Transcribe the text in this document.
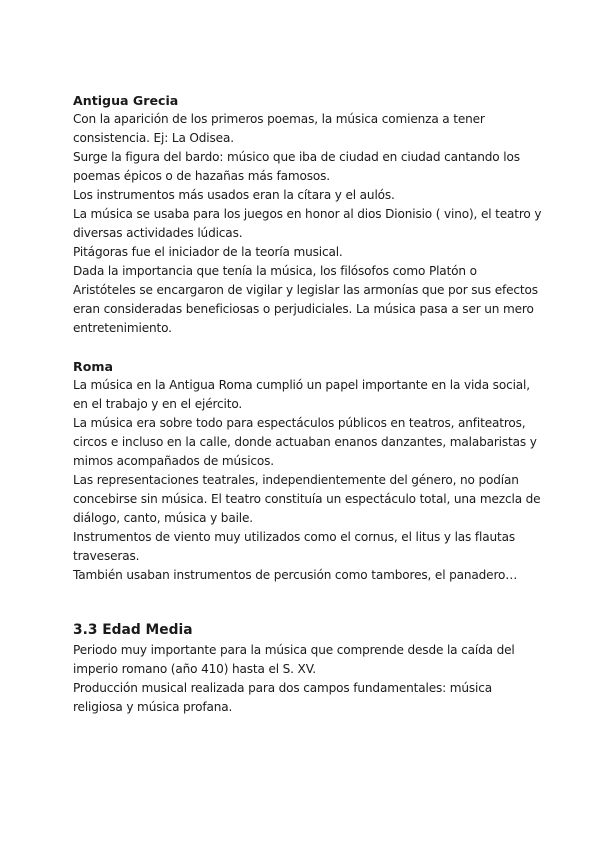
Antigua Grecia

Con la aparición de los primeros poemas, la música comienza a tener consistencia. Ej: La Odisea.

Surge la figura del bardo: músico que iba de ciudad en ciudad cantando los poemas épicos o de hazañas más famosos.

Los instrumentos más usados eran la cítara y el aulós.

La música se usaba para los juegos en honor al dios Dionisio ( vino), el teatro y diversas actividades lúdicas.

Pitágoras fue el iniciador de la teoría musical.

Dada la importancia que tenía la música, los filósofos como Platón o Aristóteles se encargaron de vigilar y legislar las armonías que por sus efectos eran consideradas beneficiosas o perjudiciales. La música pasa a ser un mero entretenimiento.

Roma

La música en la Antigua Roma cumplió un papel importante en la vida social, en el trabajo y en el ejército.

La música era sobre todo para espectáculos públicos en teatros, anfiteatros, circos e incluso en la calle, donde actuaban enanos danzantes, malabaristas y mimos acompañados de músicos.

Las representaciones teatrales, independientemente del género, no podían concebirse sin música. El teatro constituía un espectáculo total, una mezcla de diálogo, canto, música y baile.

Instrumentos de viento muy utilizados como el cornus, el litus y las flautas traveseras.

También usaban instrumentos de percusión como tambores, el panadero…

3.3 Edad Media

Periodo muy importante para la música que comprende desde la caída del imperio romano (año 410) hasta el S. XV.

Producción musical realizada para dos campos fundamentales: música religiosa y música profana.
